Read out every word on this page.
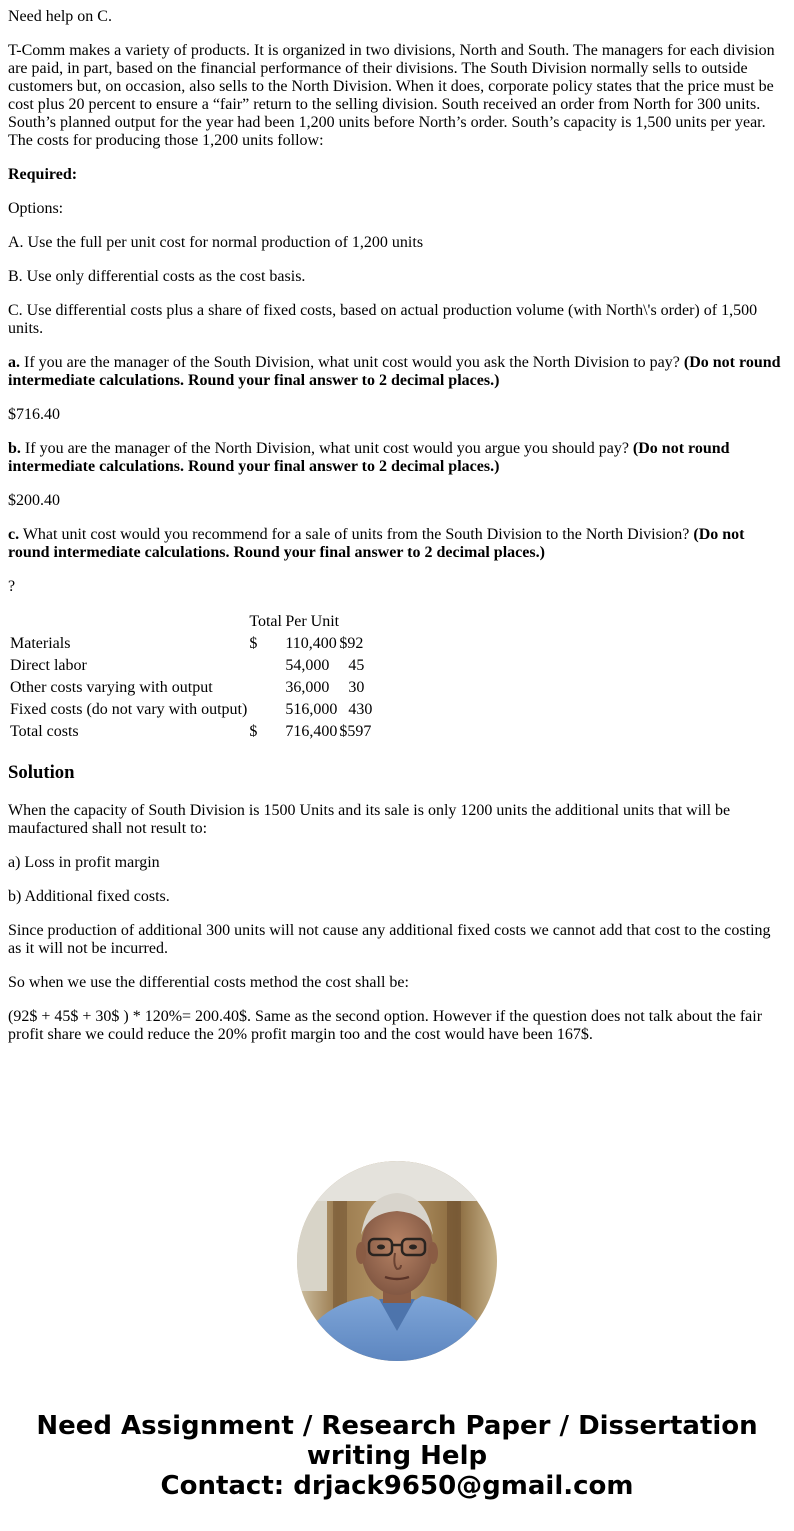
Need help on C.

T-Comm makes a variety of products. It is organized in two divisions, North and South. The managers for each division are paid, in part, based on the financial performance of their divisions. The South Division normally sells to outside customers but, on occasion, also sells to the North Division. When it does, corporate policy states that the price must be cost plus 20 percent to ensure a “fair” return to the selling division. South received an order from North for 300 units. South’s planned output for the year had been 1,200 units before North’s order. South’s capacity is 1,500 units per year. The costs for producing those 1,200 units follow:

Required:

Options:

A. Use the full per unit cost for normal production of 1,200 units

B. Use only differential costs as the cost basis.

C. Use differential costs plus a share of fixed costs, based on actual production volume (with North\'s order) of 1,500 units.

a. If you are the manager of the South Division, what unit cost would you ask the North Division to pay? (Do not round intermediate calculations. Round your final answer to 2 decimal places.)

$716.40

b. If you are the manager of the North Division, what unit cost would you argue you should pay? (Do not round intermediate calculations. Round your final answer to 2 decimal places.)

$200.40

c. What unit cost would you recommend for a sale of units from the South Division to the North Division? (Do not round intermediate calculations. Round your final answer to 2 decimal places.)

?

	Total	Per Unit	
Materials	$	110,400	$92
Direct labor		54,000	45
Other costs varying with output		36,000	30
Fixed costs (do not vary with output)		516,000	430
Total costs	$	716,400	$597
Solution

When the capacity of South Division is 1500 Units and its sale is only 1200 units the additional units that will be maufactured shall not result to:

a) Loss in profit margin

b) Additional fixed costs.

Since production of additional 300 units will not cause any additional fixed costs we cannot add that cost to the costing as it will not be incurred.

So when we use the differential costs method the cost shall be:

(92$ + 45$ + 30$ ) * 120%= 200.40$. Same as the second option. However if the question does not talk about the fair profit share we could reduce the 20% profit margin too and the cost would have been 167$.

Need Assignment / Research Paper / Dissertation
writing Help
Contact: drjack9650@gmail.com
